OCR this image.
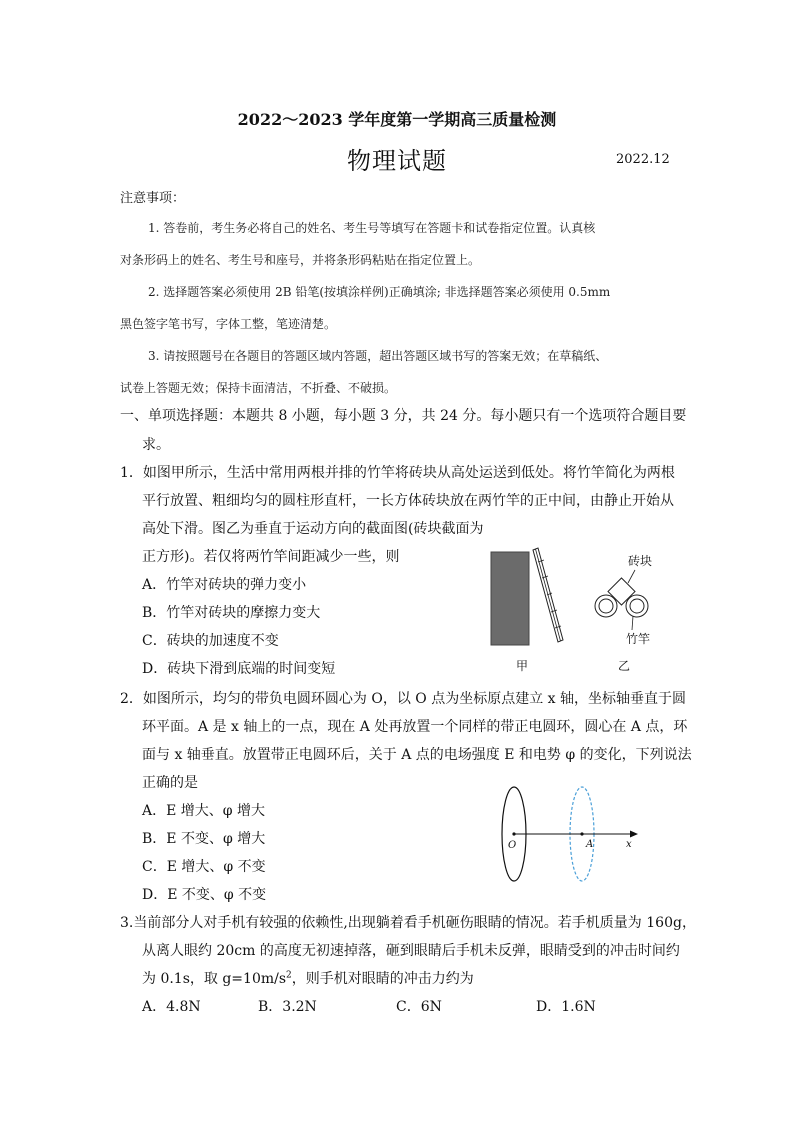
2022～2023 学年度第一学期高三质量检测
物理试题	2022.12
注意事项：
1. 答卷前，考生务必将自己的姓名、考生号等填写在答题卡和试卷指定位置。认真核
对条形码上的姓名、考生号和座号，并将条形码粘贴在指定位置上。
2. 选择题答案必须使用 2B 铅笔(按填涂样例)正确填涂; 非选择题答案必须使用 0.5mm
黑色签字笔书写，字体工整，笔迹清楚。
3. 请按照题号在各题目的答题区域内答题，超出答题区域书写的答案无效；在草稿纸、
试卷上答题无效；保持卡面清洁，不折叠、不破损。
一、单项选择题：本题共 8 小题，每小题 3 分，共 24 分。每小题只有一个选项符合题目要
求。
1．如图甲所示，生活中常用两根并排的竹竿将砖块从高处运送到低处。将竹竿简化为两根
平行放置、粗细均匀的圆柱形直杆，一长方体砖块放在两竹竿的正中间，由静止开始从
高处下滑。图乙为垂直于运动方向的截面图(砖块截面为
正方形)。若仅将两竹竿间距减少一些，则
A．竹竿对砖块的弹力变小
B．竹竿对砖块的摩擦力变大
C．砖块的加速度不变
D．砖块下滑到底端的时间变短	甲
砖块
竹竿
乙
2．如图所示，均匀的带负电圆环圆心为 O，以 O 点为坐标原点建立 x 轴，坐标轴垂直于圆
环平面。A 是 x 轴上的一点，现在 A 处再放置一个同样的带正电圆环，圆心在 A 点，环
面与 x 轴垂直。放置带正电圆环后，关于 A 点的电场强度 E 和电势 φ 的变化，下列说法
正确的是
A．E 增大、φ 增大
B．E 不变、φ 增大
C．E 增大、φ 不变
D．E 不变、φ 不变
O	A	x
3.当前部分人对手机有较强的依赖性,出现躺着看手机砸伤眼睛的情况。若手机质量为 160g，
从离人眼约 20cm 的高度无初速掉落，砸到眼睛后手机未反弹，眼睛受到的冲击时间约
为 0.1s，取 $g=10m/s^2$，则手机对眼睛的冲击力约为
A．4.8N	B．3.2N	C．6N	D．1.6N
